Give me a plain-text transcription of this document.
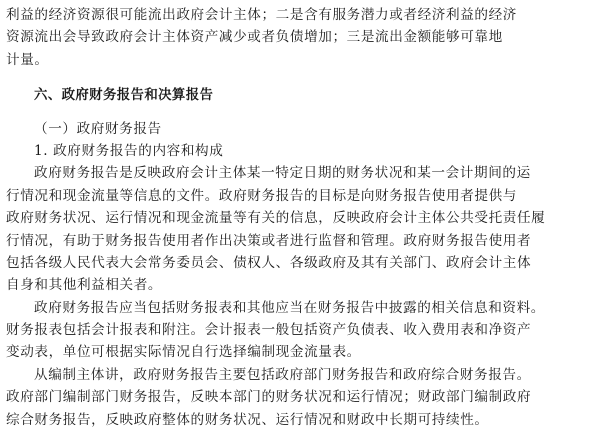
利益的经济资源很可能流出政府会计主体；二是含有服务潜力或者经济利益的经济
资源流出会导致政府会计主体资产减少或者负债增加；三是流出金额能够可靠地
计量。
六、政府财务报告和决算报告
（一）政府财务报告
1. 政府财务报告的内容和构成
政府财务报告是反映政府会计主体某一特定日期的财务状况和某一会计期间的运
行情况和现金流量等信息的文件。政府财务报告的目标是向财务报告使用者提供与
政府财务状况、运行情况和现金流量等有关的信息，反映政府会计主体公共受托责任履
行情况，有助于财务报告使用者作出决策或者进行监督和管理。政府财务报告使用者
包括各级人民代表大会常务委员会、债权人、各级政府及其有关部门、政府会计主体
自身和其他利益相关者。
政府财务报告应当包括财务报表和其他应当在财务报告中披露的相关信息和资料。
财务报表包括会计报表和附注。会计报表一般包括资产负债表、收入费用表和净资产
变动表，单位可根据实际情况自行选择编制现金流量表。
从编制主体讲，政府财务报告主要包括政府部门财务报告和政府综合财务报告。
政府部门编制部门财务报告，反映本部门的财务状况和运行情况；财政部门编制政府
综合财务报告，反映政府整体的财务状况、运行情况和财政中长期可持续性。
